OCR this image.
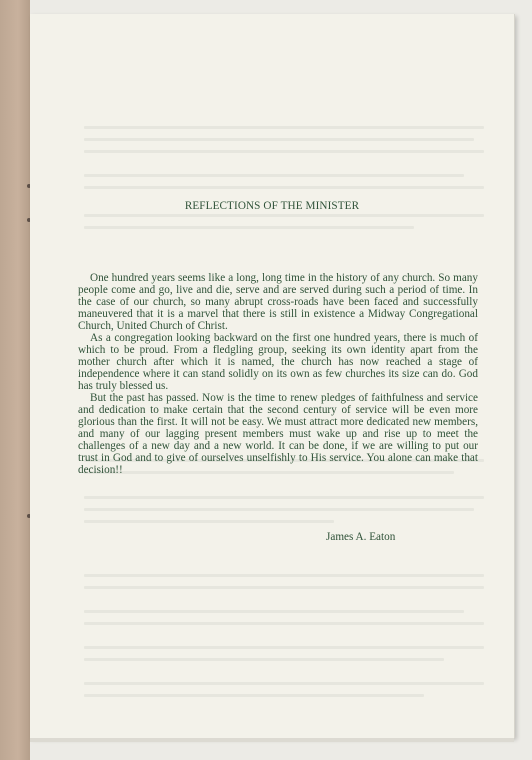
REFLECTIONS OF THE MINISTER

One hundred years seems like a long, long time in the history of any church. So many people come and go, live and die, serve and are served during such a period of time. In the case of our church, so many abrupt cross-roads have been faced and successfully maneuvered that it is a marvel that there is still in existence a Midway Congregational Church, United Church of Christ.

As a congregation looking backward on the first one hundred years, there is much of which to be proud. From a fledgling group, seeking its own identity apart from the mother church after which it is named, the church has now reached a stage of independence where it can stand solidly on its own as few churches its size can do. God has truly blessed us.

But the past has passed. Now is the time to renew pledges of faithfulness and service and dedication to make certain that the second century of service will be even more glorious than the first. It will not be easy. We must attract more dedicated new members, and many of our lagging present members must wake up and rise up to meet the challenges of a new day and a new world. It can be done, if we are willing to put our trust in God and to give of ourselves unselfishly to His service. You alone can make that decision!!

James A. Eaton
